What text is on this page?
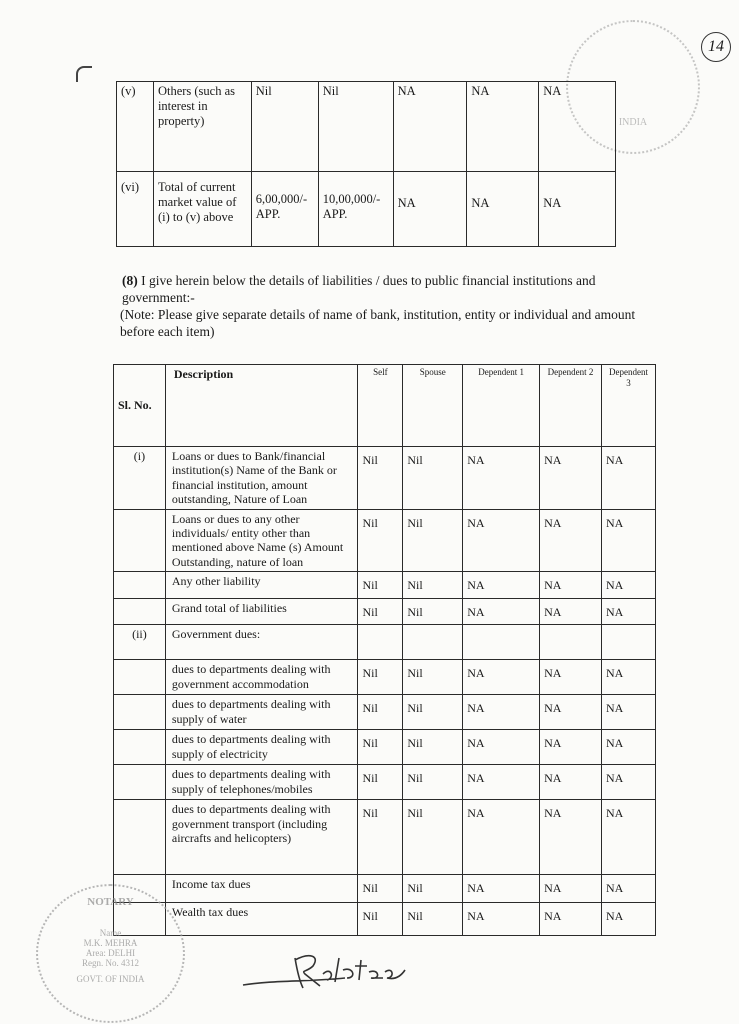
14
INDIA
(v)	Others (such as interest in property)	Nil	Nil	NA	NA	NA
(vi)	Total of current market value of (i) to (v) above	6,00,000/- APP.	10,00,000/- APP.	NA	NA	NA
(8) I give herein below the details of liabilities / dues to public financial institutions and government:-
(Note: Please give separate details of name of bank, institution, entity or individual and amount before each item)
Sl. No.	Description	Self	Spouse	Dependent 1	Dependent 2	Dependent 3
(i)	Loans or dues to Bank/financial institution(s) Name of the Bank or financial institution, amount outstanding, Nature of Loan	Nil	Nil	NA	NA	NA
	Loans or dues to any other individuals/ entity other than mentioned above Name (s) Amount Outstanding, nature of loan	Nil	Nil	NA	NA	NA
	Any other liability	Nil	Nil	NA	NA	NA
	Grand total of liabilities	Nil	Nil	NA	NA	NA
(ii)	Government dues:					
	dues to departments dealing with government accommodation	Nil	Nil	NA	NA	NA
	dues to departments dealing with supply of water	Nil	Nil	NA	NA	NA
	dues to departments dealing with supply of electricity	Nil	Nil	NA	NA	NA
	dues to departments dealing with supply of telephones/mobiles	Nil	Nil	NA	NA	NA
	dues to departments dealing with government transport (including aircrafts and helicopters)	Nil	Nil	NA	NA	NA
	Income tax dues	Nil	Nil	NA	NA	NA
	Wealth tax dues	Nil	Nil	NA	NA	NA
NOTARY
Name
M.K. MEHRA
Area: DELHI
Regn. No. 4312
GOVT. OF INDIA
